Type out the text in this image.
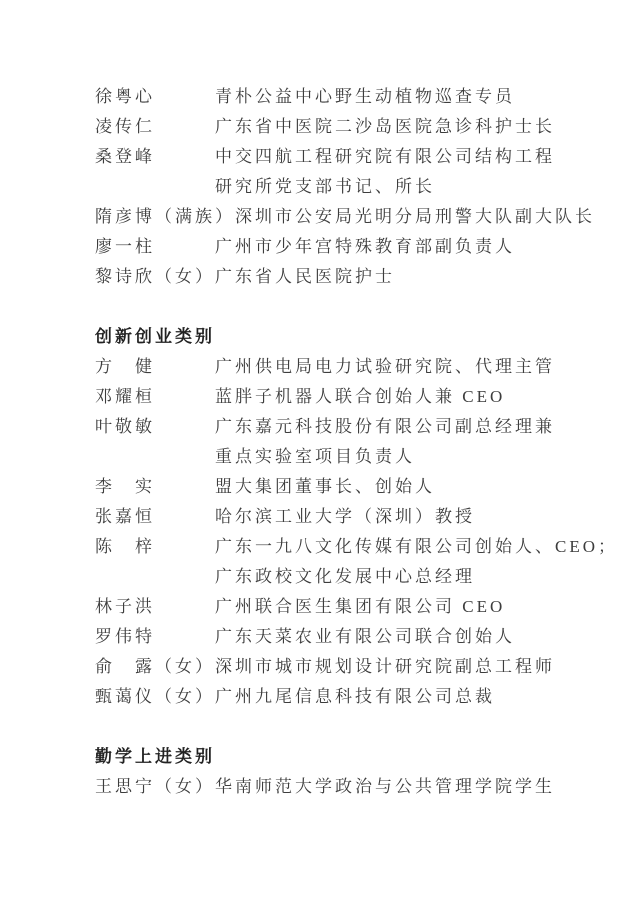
徐粤心	青朴公益中心野生动植物巡查专员
凌传仁	广东省中医院二沙岛医院急诊科护士长
桑登峰	中交四航工程研究院有限公司结构工程
研究所党支部书记、所长
隋彦博（满族） 深圳市公安局光明分局刑警大队副大队长
廖一柱	广州市少年宫特殊教育部副负责人
黎诗欣（女） 广东省人民医院护士
创新创业类别
方　健	广州供电局电力试验研究院、代理主管
邓耀桓	蓝胖子机器人联合创始人兼 CEO
叶敬敏	广东嘉元科技股份有限公司副总经理兼
重点实验室项目负责人
李　实	盟大集团董事长、创始人
张嘉恒	哈尔滨工业大学（深圳）教授
陈　梓	广东一九八文化传媒有限公司创始人、CEO；
广东政校文化发展中心总经理
林子洪	广州联合医生集团有限公司 CEO
罗伟特	广东天菜农业有限公司联合创始人
俞　露（女） 深圳市城市规划设计研究院副总工程师
甄蔼仪（女） 广州九尾信息科技有限公司总裁
勤学上进类别
王思宁（女） 华南师范大学政治与公共管理学院学生
